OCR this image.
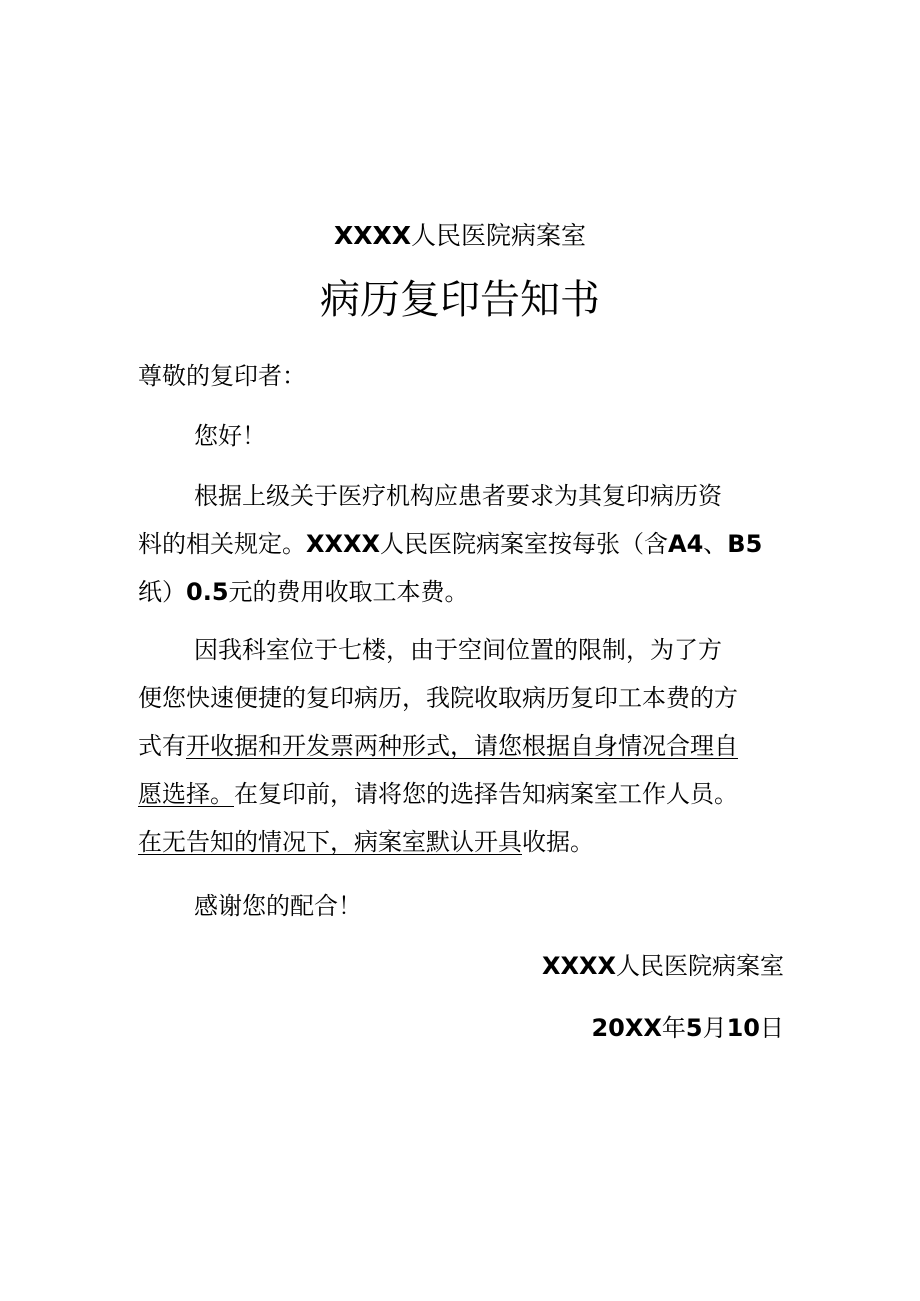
XXXX人民医院病案室
病历复印告知书
尊敬的复印者：
您好！
根据上级关于医疗机构应患者要求为其复印病历资
料的相关规定。XXXX人民医院病案室按每张（含A4、B5
纸）0.5元的费用收取工本费。
因我科室位于七楼，由于空间位置的限制，为了方
便您快速便捷的复印病历，我院收取病历复印工本费的方
式有开收据和开发票两种形式，请您根据自身情况合理自
愿选择。在复印前，请将您的选择告知病案室工作人员。
在无告知的情况下，病案室默认开具收据。
感谢您的配合！
XXXX人民医院病案室
20XX年5月10日
